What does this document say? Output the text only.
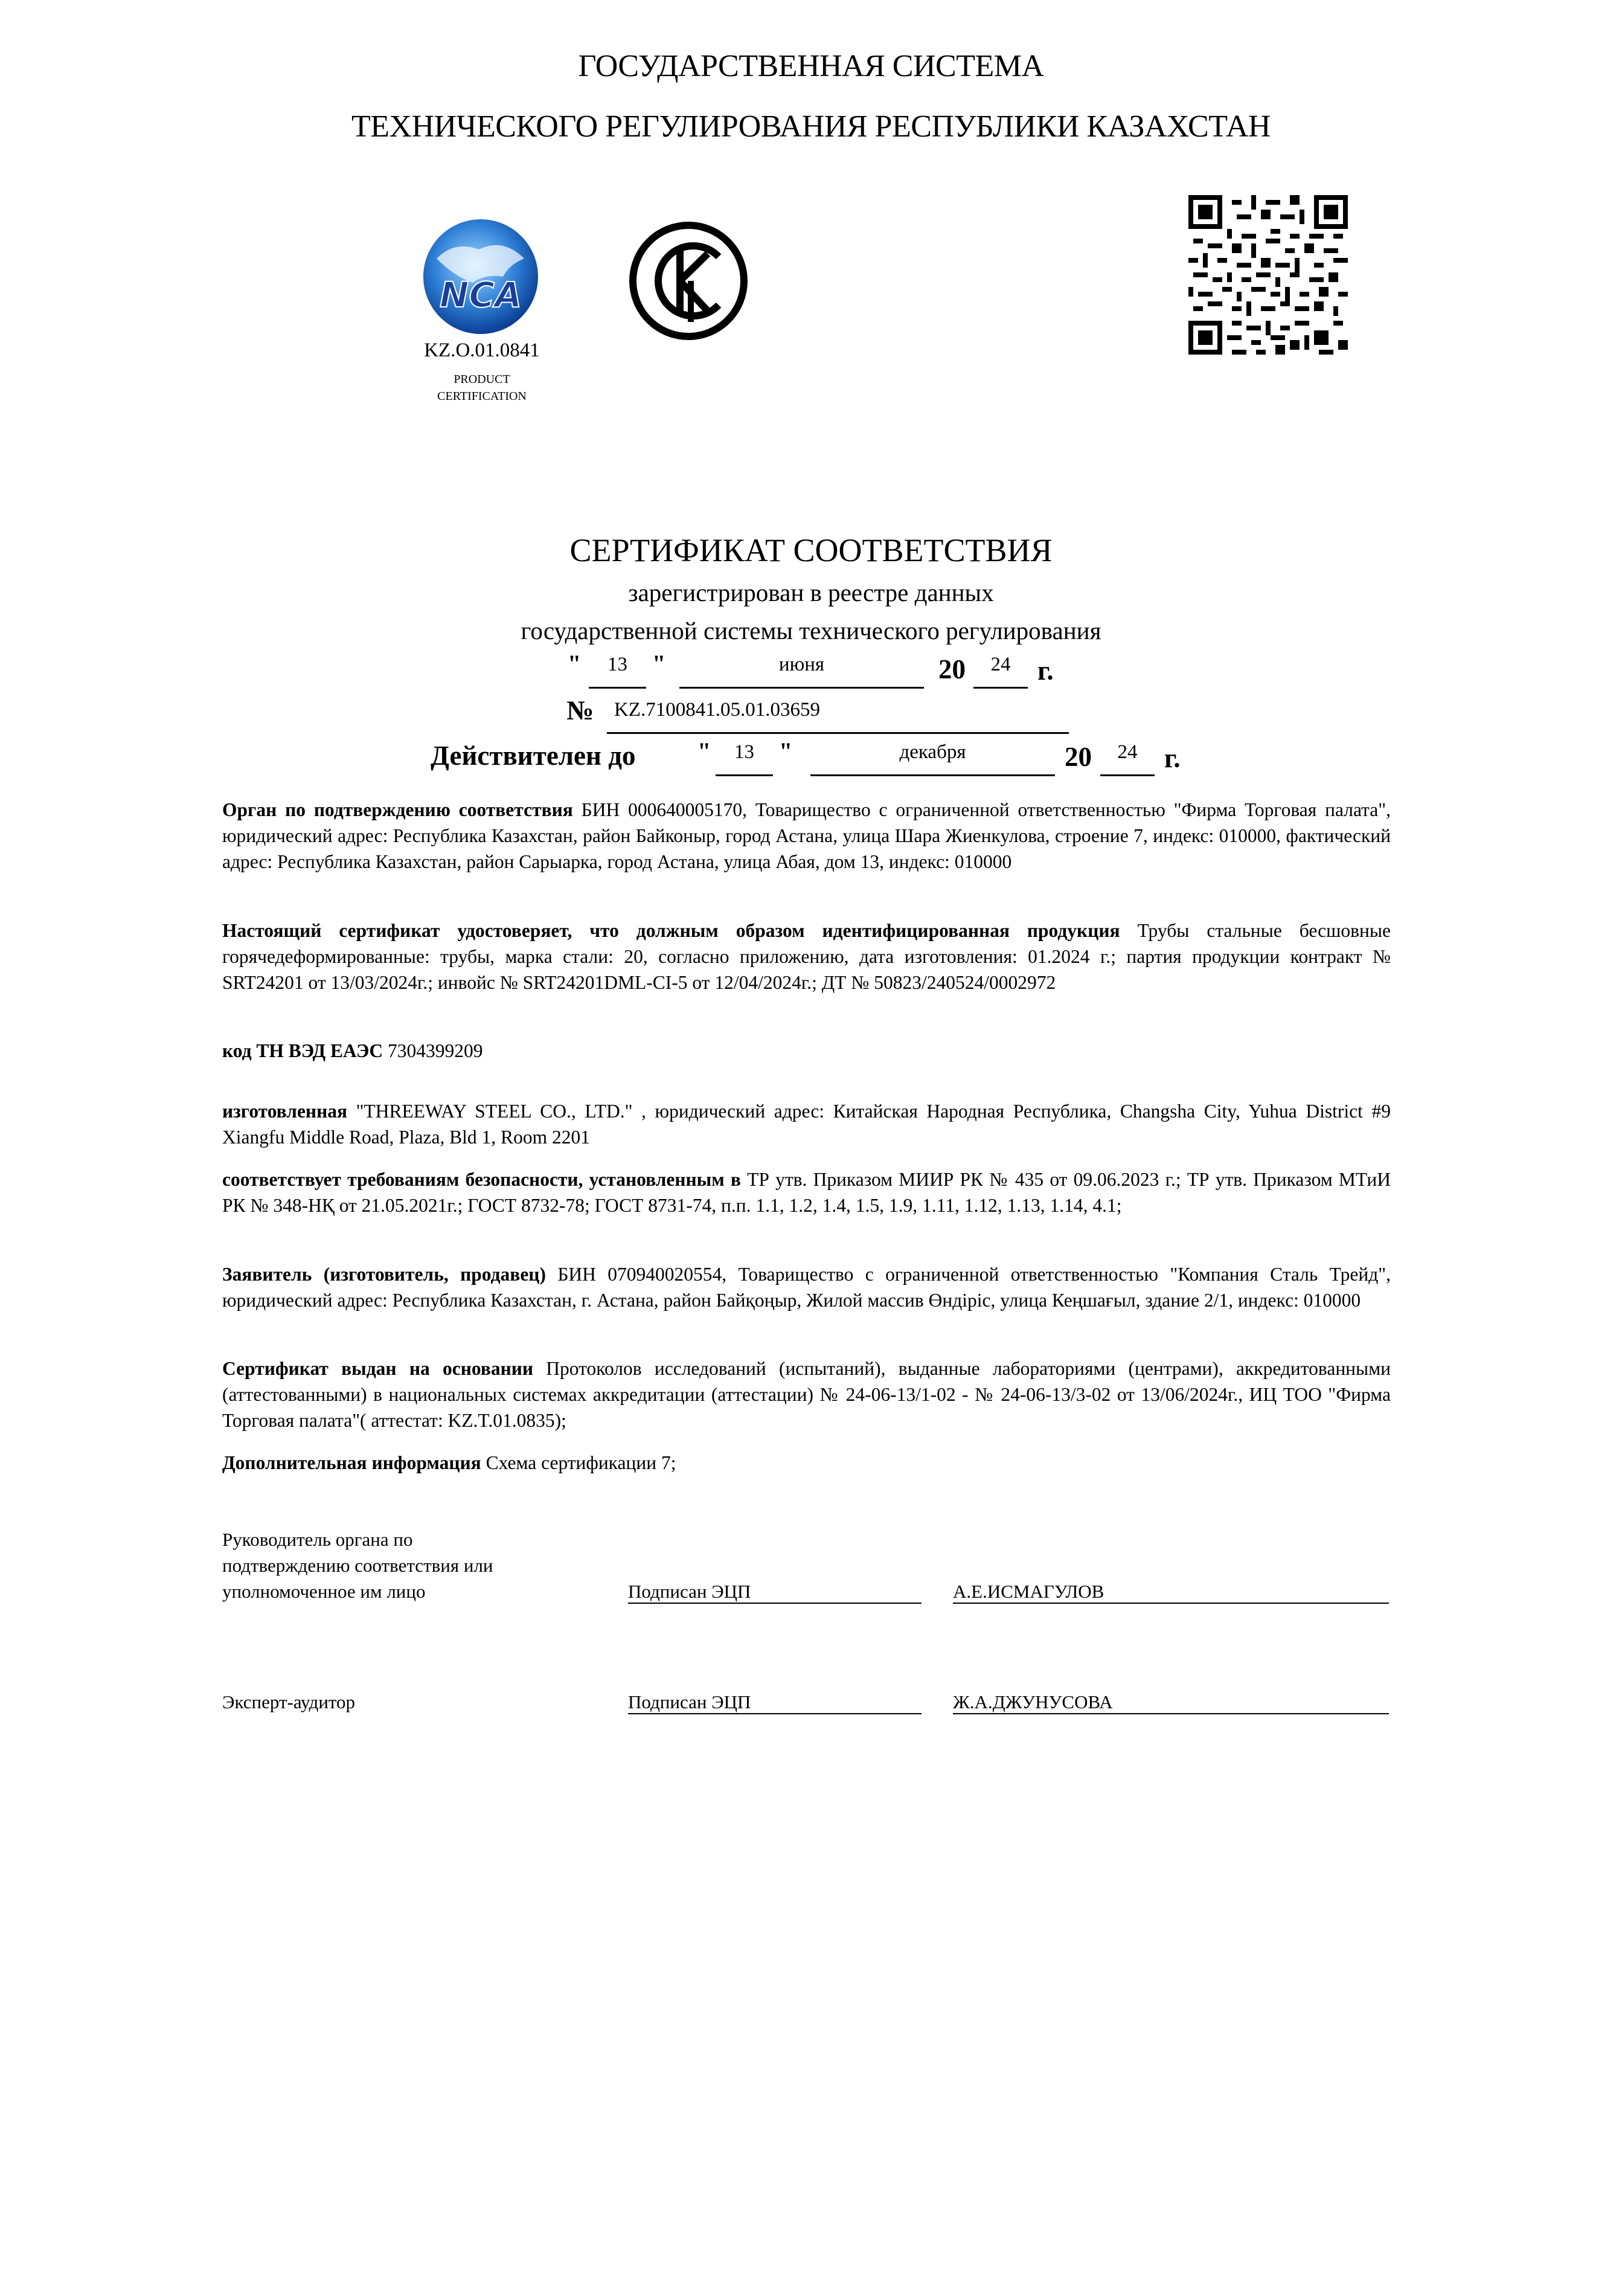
ГОСУДАРСТВЕННАЯ СИСТЕМА
ТЕХНИЧЕСКОГО РЕГУЛИРОВАНИЯ РЕСПУБЛИКИ КАЗАХСТАН
NCA
KZ.O.01.0841
PRODUCT
CERTIFICATION
СЕРТИФИКАТ СООТВЕТСТВИЯ
зарегистрирован в реестре данных
государственной системы технического регулирования
"	13	"	июня	20	24 г.
№ KZ.7100841.05.01.03659
Действителен до	"	13	"	декабря	20	24 г.
Орган по подтверждению соответствия БИН 000640005170, Товарищество с ограниченной ответственностью "Фирма Торговая палата", юридический адрес: Республика Казахстан, район Байконыр, город Астана, улица Шара Жиенкулова, строение 7, индекс: 010000, фактический адрес: Республика Казахстан, район Сарыарка, город Астана, улица Абая, дом 13, индекс: 010000
Настоящий сертификат удостоверяет, что должным образом идентифицированная продукция Трубы стальные бесшовные горячедеформированные: трубы, марка стали: 20, согласно приложению, дата изготовления: 01.2024 г.; партия продукции контракт № SRT24201 от 13/03/2024г.; инвойс № SRT24201DML-CI-5 от 12/04/2024г.; ДТ № 50823/240524/0002972
код ТН ВЭД ЕАЭС 7304399209
изготовленная "THREEWAY STEEL CO., LTD." , юридический адрес: Китайская Народная Республика, Changsha City, Yuhua District #9 Xiangfu Middle Road, Plaza, Bld 1, Room 2201
соответствует требованиям безопасности, установленным в ТР утв. Приказом МИИР РК № 435 от 09.06.2023 г.; ТР утв. Приказом МТиИ РК № 348-НҚ от 21.05.2021г.; ГОСТ 8732-78; ГОСТ 8731-74, п.п. 1.1, 1.2, 1.4, 1.5, 1.9, 1.11, 1.12, 1.13, 1.14, 4.1;
Заявитель (изготовитель, продавец) БИН 070940020554, Товарищество с ограниченной ответственностью "Компания Сталь Трейд", юридический адрес: Республика Казахстан, г. Астана, район Байқоңыр, Жилой массив Өндіріс, улица Кеңшағыл, здание 2/1, индекс: 010000
Сертификат выдан на основании Протоколов исследований (испытаний), выданные лабораториями (центрами), аккредитованными (аттестованными) в национальных системах аккредитации (аттестации) № 24-06-13/1-02 - № 24-06-13/3-02 от 13/06/2024г., ИЦ ТОО "Фирма Торговая палата"( аттестат: KZ.T.01.0835);
Дополнительная информация Схема сертификации 7;
Руководитель органа по
подтверждению соответствия или
уполномоченное им лицо	Подписан ЭЦП	А.Е.ИСМАГУЛОВ
Эксперт-аудитор	Подписан ЭЦП	Ж.А.ДЖУНУСОВА
